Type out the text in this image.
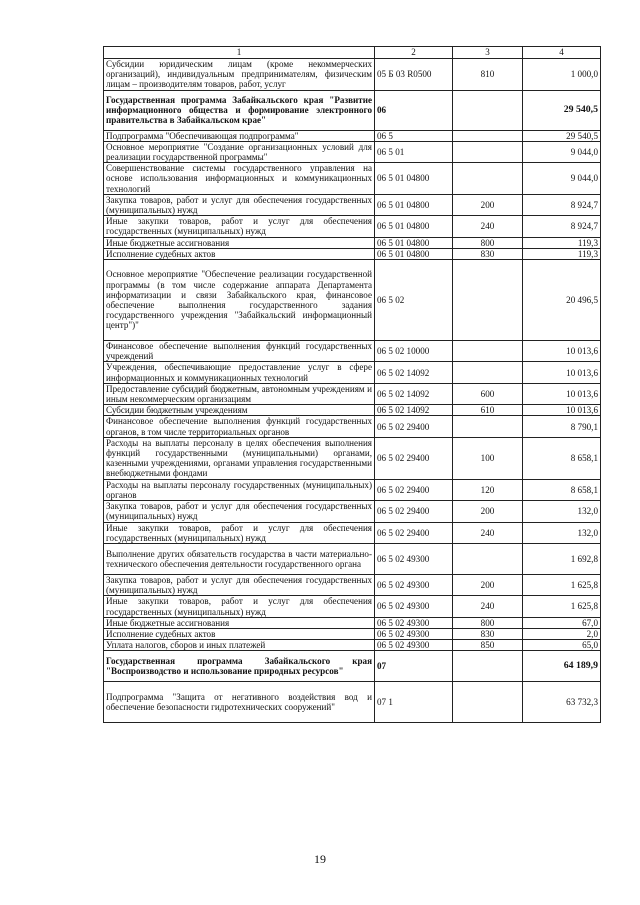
1	2	3	4
Субсидии юридическим лицам (кроме некоммерческих организаций), индивидуальным предпринимателям, физическим лицам – производителям товаров, работ, услуг	05 Б 03 R0500	810	1 000,0
Государственная программа Забайкальского края "Развитие информационного общества и формирование электронного правительства в Забайкальском крае"	06		29 540,5
Подпрограмма "Обеспечивающая подпрограмма"	06 5		29 540,5
Основное мероприятие "Создание организационных условий для реализации государственной программы"	06 5 01		9 044,0
Совершенствование системы государственного управления на основе использования информационных и коммуникационных технологий	06 5 01 04800		9 044,0
Закупка товаров, работ и услуг для обеспечения государственных (муниципальных) нужд	06 5 01 04800	200	8 924,7
Иные закупки товаров, работ и услуг для обеспечения государственных (муниципальных) нужд	06 5 01 04800	240	8 924,7
Иные бюджетные ассигнования	06 5 01 04800	800	119,3
Исполнение судебных актов	06 5 01 04800	830	119,3
Основное мероприятие "Обеспечение реализации государственной программы (в том числе содержание аппарата Департамента информатизации и связи Забайкальского края, финансовое обеспечение выполнения государственного задания государственного учреждения "Забайкальский информационный центр")"	06 5 02		20 496,5
Финансовое обеспечение выполнения функций государственных учреждений	06 5 02 10000		10 013,6
Учреждения, обеспечивающие предоставление услуг в сфере информационных и коммуникационных технологий	06 5 02 14092		10 013,6
Предоставление субсидий бюджетным, автономным учреждениям и иным некоммерческим организациям	06 5 02 14092	600	10 013,6
Субсидии бюджетным учреждениям	06 5 02 14092	610	10 013,6
Финансовое обеспечение выполнения функций государственных органов, в том числе территориальных органов	06 5 02 29400		8 790,1
Расходы на выплаты персоналу в целях обеспечения выполнения функций государственными (муниципальными) органами, казенными учреждениями, органами управления государственными внебюджетными фондами	06 5 02 29400	100	8 658,1
Расходы на выплаты персоналу государственных (муниципальных) органов	06 5 02 29400	120	8 658,1
Закупка товаров, работ и услуг для обеспечения государственных (муниципальных) нужд	06 5 02 29400	200	132,0
Иные закупки товаров, работ и услуг для обеспечения государственных (муниципальных) нужд	06 5 02 29400	240	132,0
Выполнение других обязательств государства в части материально-технического обеспечения деятельности государственного органа	06 5 02 49300		1 692,8
Закупка товаров, работ и услуг для обеспечения государственных (муниципальных) нужд	06 5 02 49300	200	1 625,8
Иные закупки товаров, работ и услуг для обеспечения государственных (муниципальных) нужд	06 5 02 49300	240	1 625,8
Иные бюджетные ассигнования	06 5 02 49300	800	67,0
Исполнение судебных актов	06 5 02 49300	830	2,0
Уплата налогов, сборов и иных платежей	06 5 02 49300	850	65,0
Государственная программа Забайкальского края "Воспроизводство и использование природных ресурсов"	07		64 189,9
Подпрограмма "Защита от негативного воздействия вод и обеспечение безопасности гидротехнических сооружений"	07 1		63 732,3
19
